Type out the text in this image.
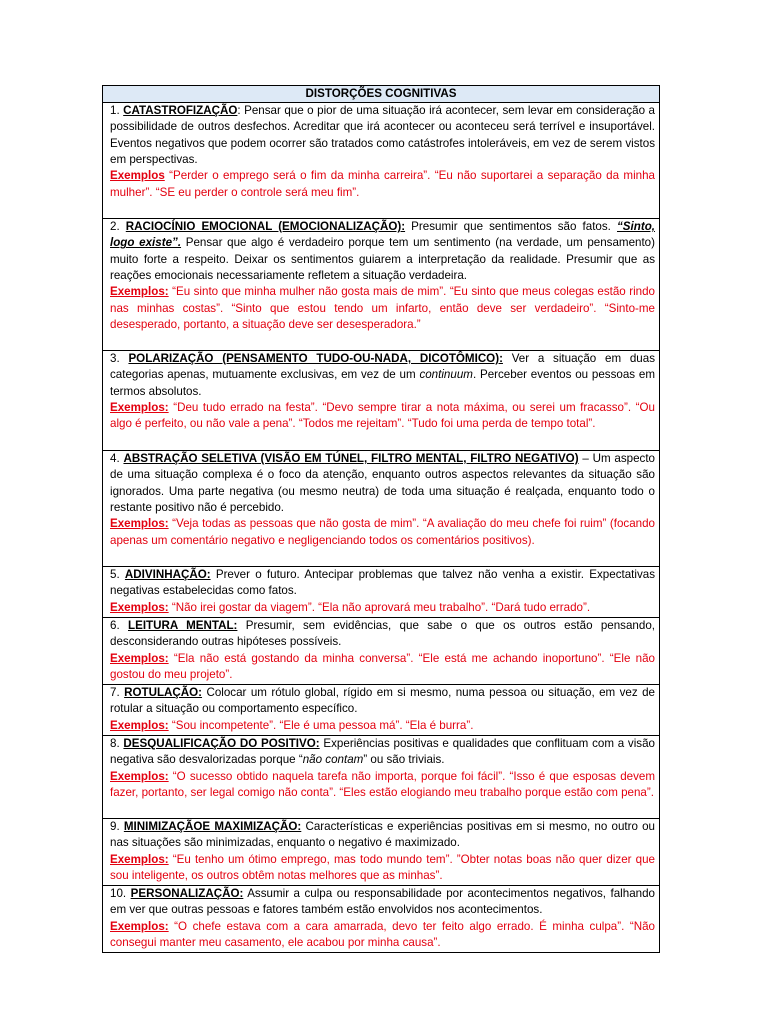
DISTORÇÕES COGNITIVAS

1. CATASTROFIZAÇÃO: Pensar que o pior de uma situação irá acontecer, sem levar em consideração a possibilidade de outros desfechos. Acreditar que irá acontecer ou aconteceu será terrível e insuportável. Eventos negativos que podem ocorrer são tratados como catástrofes intoleráveis, em vez de serem vistos em perspectivas.

Exemplos “Perder o emprego será o fim da minha carreira”. “Eu não suportarei a separação da minha mulher”. “SE eu perder o controle será meu fim”.

2. RACIOCÍNIO EMOCIONAL (EMOCIONALIZAÇÃO): Presumir que sentimentos são fatos. “Sinto, logo existe”. Pensar que algo é verdadeiro porque tem um sentimento (na verdade, um pensamento) muito forte a respeito. Deixar os sentimentos guiarem a interpretação da realidade. Presumir que as reações emocionais necessariamente refletem a situação verdadeira.

Exemplos: “Eu sinto que minha mulher não gosta mais de mim”. “Eu sinto que meus colegas estão rindo nas minhas costas”. “Sinto que estou tendo um infarto, então deve ser verdadeiro”. “Sinto-me desesperado, portanto, a situação deve ser desesperadora.”

3. POLARIZAÇÃO (PENSAMENTO TUDO-OU-NADA, DICOTÔMICO): Ver a situação em duas categorias apenas, mutuamente exclusivas, em vez de um continuum. Perceber eventos ou pessoas em termos absolutos.

Exemplos: “Deu tudo errado na festa”. “Devo sempre tirar a nota máxima, ou serei um fracasso”. “Ou algo é perfeito, ou não vale a pena”. “Todos me rejeitam”. “Tudo foi uma perda de tempo total”.

4. ABSTRAÇÃO SELETIVA (VISÃO EM TÚNEL, FILTRO MENTAL, FILTRO NEGATIVO) – Um aspecto de uma situação complexa é o foco da atenção, enquanto outros aspectos relevantes da situação são ignorados. Uma parte negativa (ou mesmo neutra) de toda uma situação é realçada, enquanto todo o restante positivo não é percebido.

Exemplos: “Veja todas as pessoas que não gosta de mim”. “A avaliação do meu chefe foi ruim” (focando apenas um comentário negativo e negligenciando todos os comentários positivos).

5. ADIVINHAÇÃO: Prever o futuro. Antecipar problemas que talvez não venha a existir. Expectativas negativas estabelecidas como fatos.

Exemplos: “Não irei gostar da viagem”. “Ela não aprovará meu trabalho”. “Dará tudo errado”.

6. LEITURA MENTAL: Presumir, sem evidências, que sabe o que os outros estão pensando, desconsiderando outras hipóteses possíveis.

Exemplos: “Ela não está gostando da minha conversa”. “Ele está me achando inoportuno”. “Ele não gostou do meu projeto”.

7. ROTULAÇÃO: Colocar um rótulo global, rígido em si mesmo, numa pessoa ou situação, em vez de rotular a situação ou comportamento específico.

Exemplos: “Sou incompetente”. “Ele é uma pessoa má”. “Ela é burra”.

8. DESQUALIFICAÇÃO DO POSITIVO: Experiências positivas e qualidades que conflituam com a visão negativa são desvalorizadas porque “não contam” ou são triviais.

Exemplos: “O sucesso obtido naquela tarefa não importa, porque foi fácil”. “Isso é que esposas devem fazer, portanto, ser legal comigo não conta”. “Eles estão elogiando meu trabalho porque estão com pena”.

9. MINIMIZAÇÃOE MAXIMIZAÇÃO: Características e experiências positivas em si mesmo, no outro ou nas situações são minimizadas, enquanto o negativo é maximizado.

Exemplos: “Eu tenho um ótimo emprego, mas todo mundo tem”. ”Obter notas boas não quer dizer que sou inteligente, os outros obtêm notas melhores que as minhas”.

10. PERSONALIZAÇÃO: Assumir a culpa ou responsabilidade por acontecimentos negativos, falhando em ver que outras pessoas e fatores também estão envolvidos nos acontecimentos.

Exemplos: “O chefe estava com a cara amarrada, devo ter feito algo errado. É minha culpa”. “Não consegui manter meu casamento, ele acabou por minha causa”.
